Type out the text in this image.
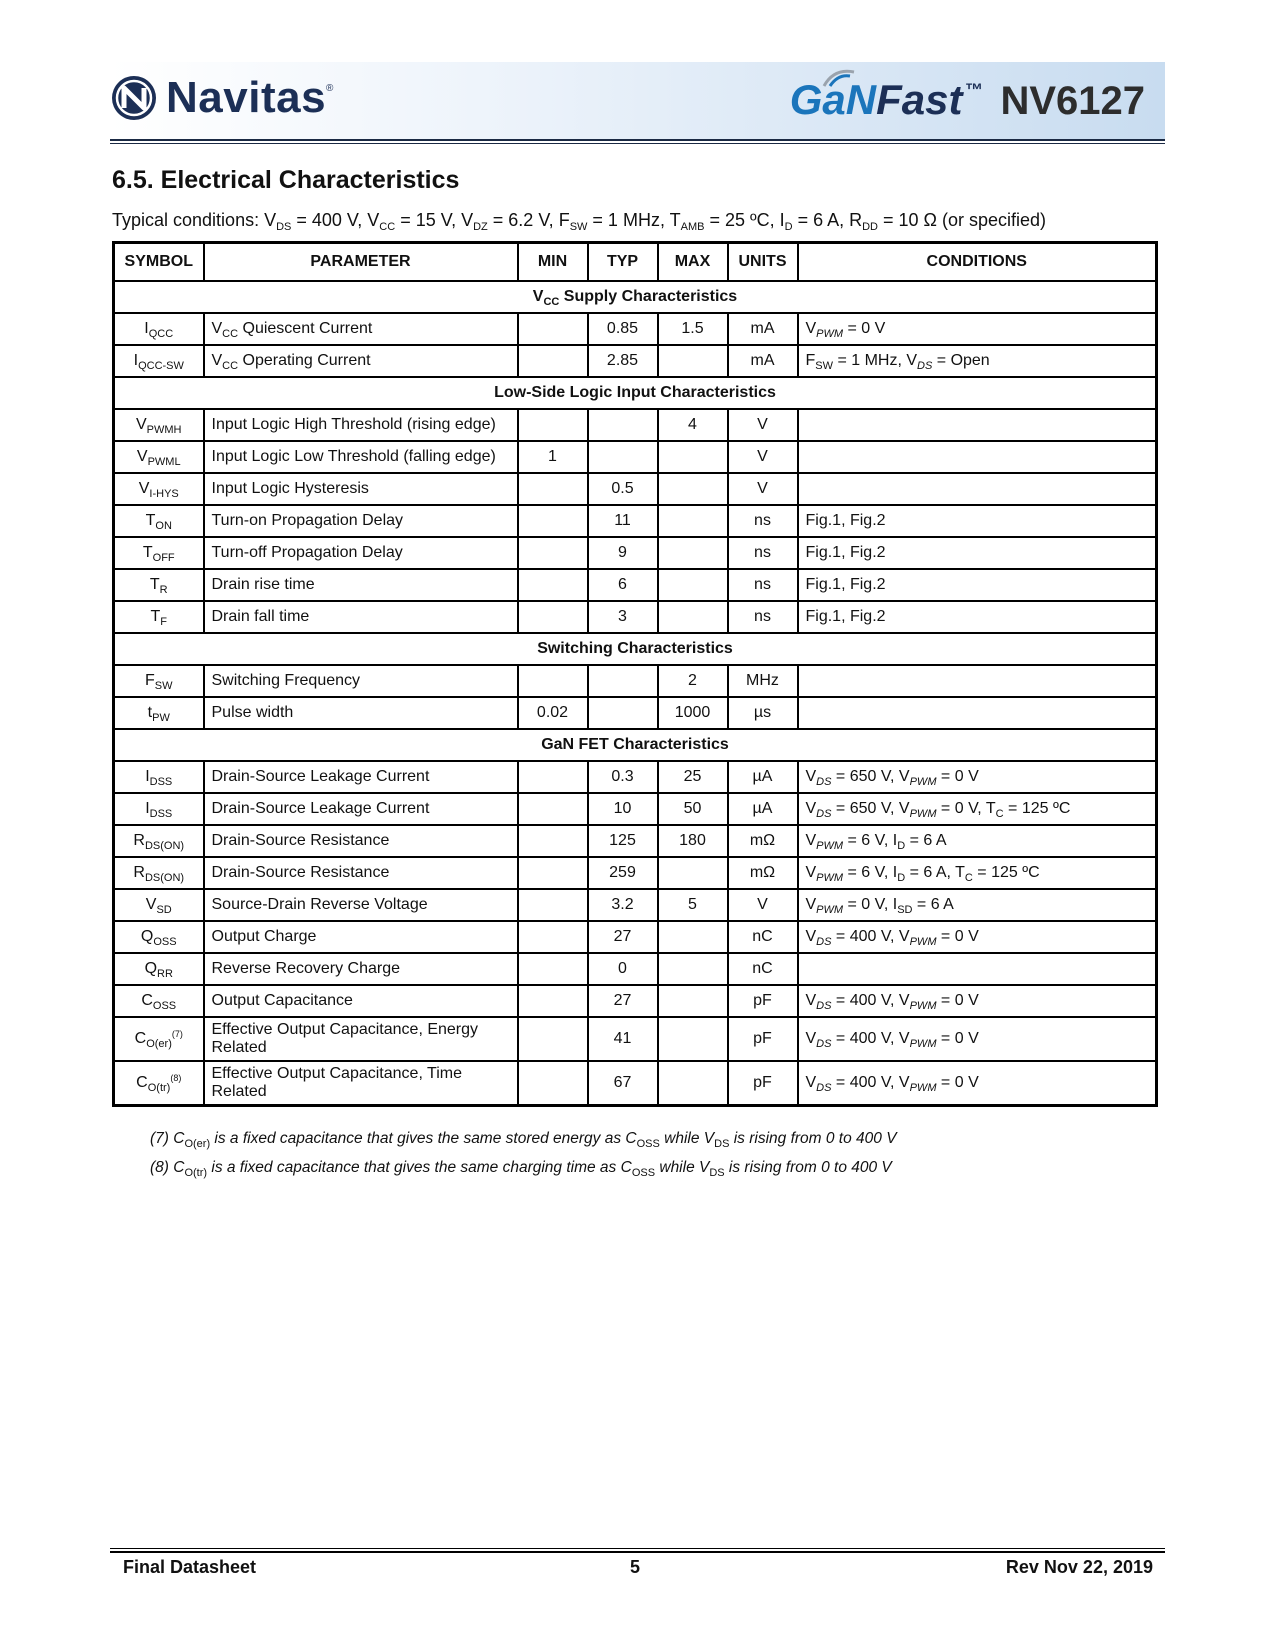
Navitas ®	GaN Fast ™ NV6127
6.5. Electrical Characteristics
Typical conditions: $V_{DS} = 400$ V, $V_{CC} = 15$ V, $V_{DZ} = 6.2$ V, $F_{SW} = 1$ MHz, $T_{AMB} = 25$ ºC, $I_D = 6$ A, $R_{DD} = 10$ Ω (or specified)
SYMBOL	PARAMETER	MIN	TYP	MAX	UNITS	CONDITIONS
$V_{CC}$ Supply Characteristics						
$I_{QCC}$	$V_{CC}$ Quiescent Current		0.85	1.5	mA	$V_{PWM} = 0$ V
$I_{QCC-SW}$	$V_{CC}$ Operating Current		2.85		mA	$F_{SW} = 1$ MHz, $V_{DS}$ = Open
Low-Side Logic Input Characteristics						
$V_{PWMH}$	Input Logic High Threshold (rising edge)			4	V	
$V_{PWML}$	Input Logic Low Threshold (falling edge)	1			V	
$V_{I-HYS}$	Input Logic Hysteresis		0.5		V	
$T_{ON}$	Turn-on Propagation Delay		11		ns	Fig.1, Fig.2
$T_{OFF}$	Turn-off Propagation Delay		9		ns	Fig.1, Fig.2
$T_R$	Drain rise time		6		ns	Fig.1, Fig.2
$T_F$	Drain fall time		3		ns	Fig.1, Fig.2
Switching Characteristics						
$F_{SW}$	Switching Frequency			2	MHz	
$t_{PW}$	Pulse width	0.02		1000	µs	
GaN FET Characteristics						
$I_{DSS}$	Drain-Source Leakage Current		0.3	25	µA	$V_{DS} = 650$ V, $V_{PWM} = 0$ V
$I_{DSS}$	Drain-Source Leakage Current		10	50	µA	$V_{DS} = 650$ V, $V_{PWM} = 0$ V, $T_C = 125$ ºC
$R_{DS(ON)}$	Drain-Source Resistance		125	180	mΩ	$V_{PWM} = 6$ V, $I_D = 6$ A
$R_{DS(ON)}$	Drain-Source Resistance		259		mΩ	$V_{PWM} = 6$ V, $I_D = 6$ A, $T_C = 125$ ºC
$V_{SD}$	Source-Drain Reverse Voltage		3.2	5	V	$V_{PWM} = 0$ V, $I_{SD} = 6$ A
$Q_{OSS}$	Output Charge		27		nC	$V_{DS} = 400$ V, $V_{PWM} = 0$ V
$Q_{RR}$	Reverse Recovery Charge		0		nC	
$C_{OSS}$	Output Capacitance		27		pF	$V_{DS} = 400$ V, $V_{PWM} = 0$ V
$C_{O(er)}^{(7)}$	Effective Output Capacitance, Energy Related		41		pF	$V_{DS} = 400$ V, $V_{PWM} = 0$ V
$C_{O(tr)}^{(8)}$	Effective Output Capacitance, Time Related		67		pF	$V_{DS} = 400$ V, $V_{PWM} = 0$ V
(7) $C_{O(er)}$ is a fixed capacitance that gives the same stored energy as $C_{OSS}$ while $V_{DS}$ is rising from 0 to 400 V
(8) $C_{O(tr)}$ is a fixed capacitance that gives the same charging time as $C_{OSS}$ while $V_{DS}$ is rising from 0 to 400 V
Final Datasheet	5	Rev Nov 22, 2019
